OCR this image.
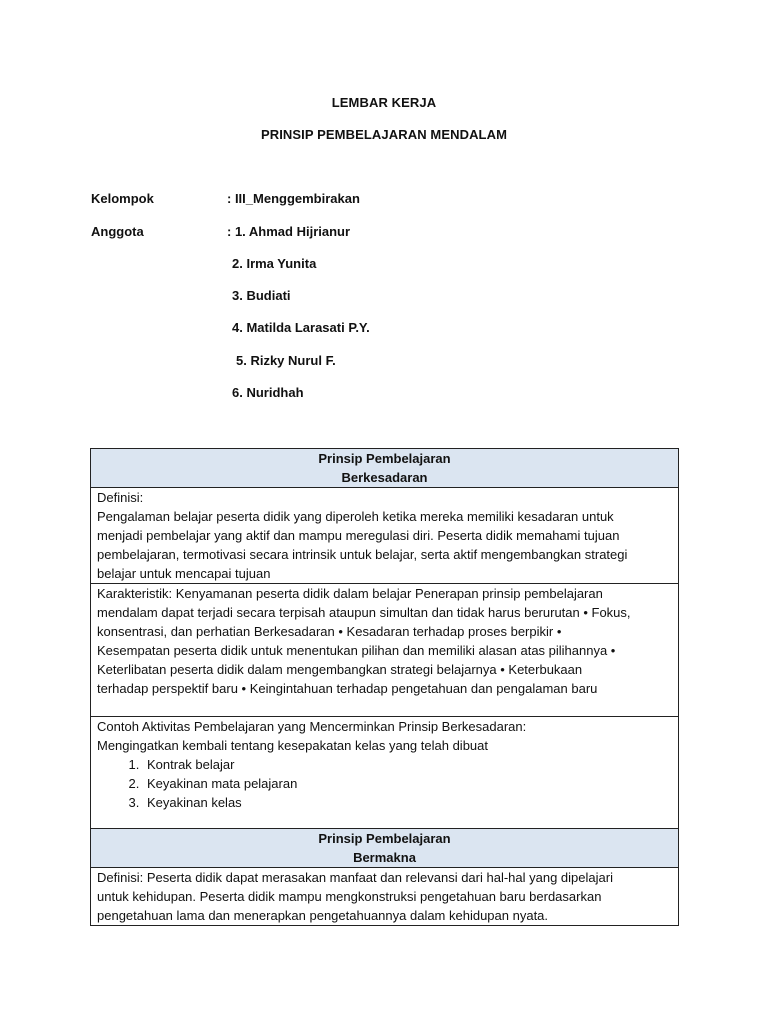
LEMBAR KERJA
PRINSIP PEMBELAJARAN MENDALAM
Kelompok	: III_Menggembirakan
Anggota	: 1. Ahmad Hijrianur
2. Irma Yunita
3. Budiati
4. Matilda Larasati P.Y.
5. Rizky Nurul F.
6. Nuridhah
Prinsip Pembelajaran
Berkesadaran

Definisi:
Pengalaman belajar peserta didik yang diperoleh ketika mereka memiliki kesadaran untuk
menjadi pembelajar yang aktif dan mampu meregulasi diri. Peserta didik memahami tujuan
pembelajaran, termotivasi secara intrinsik untuk belajar, serta aktif mengembangkan strategi
belajar untuk mencapai tujuan

Karakteristik: Kenyamanan peserta didik dalam belajar Penerapan prinsip pembelajaran
mendalam dapat terjadi secara terpisah ataupun simultan dan tidak harus berurutan • Fokus,
konsentrasi, dan perhatian Berkesadaran • Kesadaran terhadap proses berpikir •
Kesempatan peserta didik untuk menentukan pilihan dan memiliki alasan atas pilihannya •
Keterlibatan peserta didik dalam mengembangkan strategi belajarnya • Keterbukaan
terhadap perspektif baru • Keingintahuan terhadap pengetahuan dan pengalaman baru

Contoh Aktivitas Pembelajaran yang Mencerminkan Prinsip Berkesadaran:
Mengingatkan kembali tentang kesepakatan kelas yang telah dibuat
1. Kontrak belajar
2. Keyakinan mata pelajaran
3. Keyakinan kelas

Prinsip Pembelajaran
Bermakna

Definisi: Peserta didik dapat merasakan manfaat dan relevansi dari hal-hal yang dipelajari
untuk kehidupan. Peserta didik mampu mengkonstruksi pengetahuan baru berdasarkan
pengetahuan lama dan menerapkan pengetahuannya dalam kehidupan nyata.
